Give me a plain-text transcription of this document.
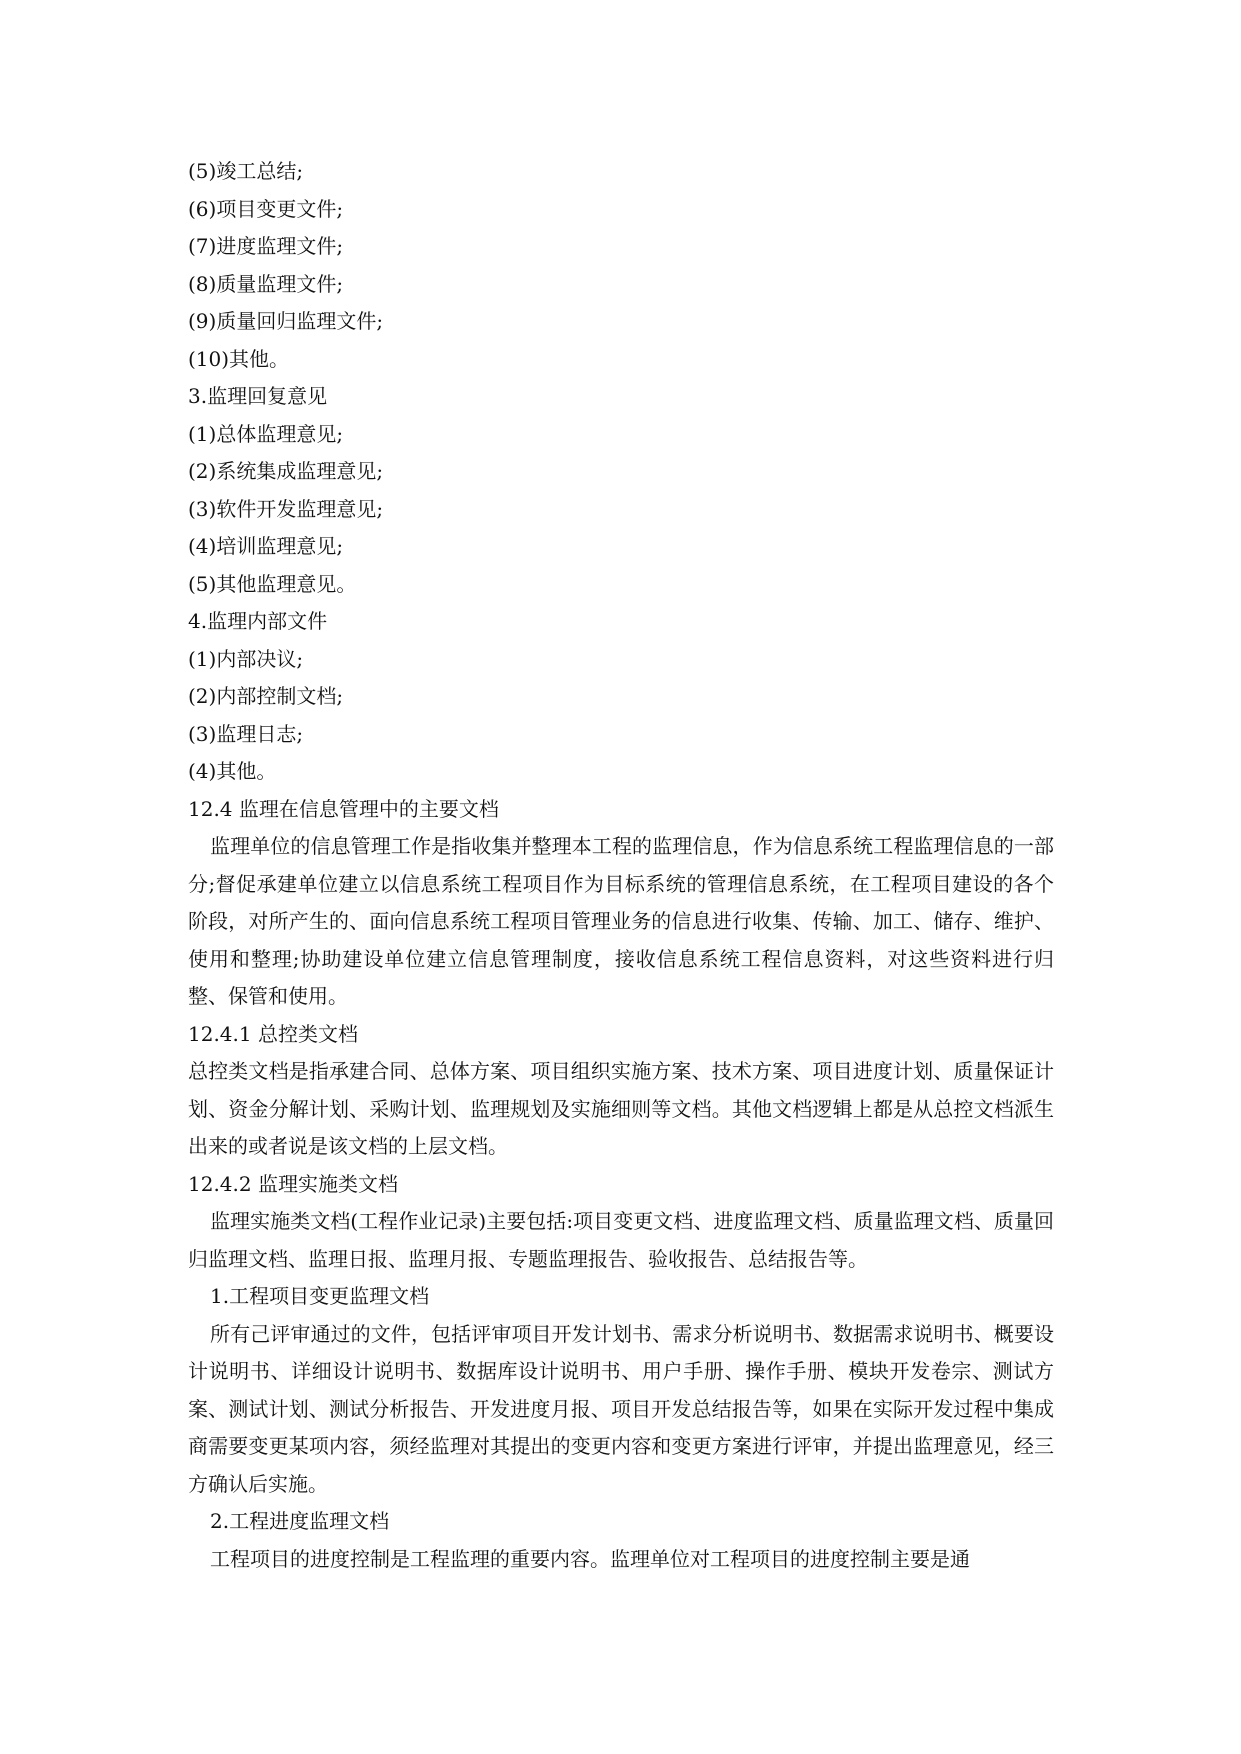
(5)竣工总结;
(6)项目变更文件;
(7)进度监理文件;
(8)质量监理文件;
(9)质量回归监理文件;
(10)其他。
3.监理回复意见
(1)总体监理意见;
(2)系统集成监理意见;
(3)软件开发监理意见;
(4)培训监理意见;
(5)其他监理意见。
4.监理内部文件
(1)内部决议;
(2)内部控制文档;
(3)监理日志;
(4)其他。
12.4 监理在信息管理中的主要文档
监理单位的信息管理工作是指收集并整理本工程的监理信息，作为信息系统工程监理信息的一部分;督促承建单位建立以信息系统工程项目作为目标系统的管理信息系统，在工程项目建设的各个阶段，对所产生的、面向信息系统工程项目管理业务的信息进行收集、传输、加工、储存、维护、使用和整理;协助建设单位建立信息管理制度，接收信息系统工程信息资料，对这些资料进行归整、保管和使用。
12.4.1 总控类文档
总控类文档是指承建合同、总体方案、项目组织实施方案、技术方案、项目进度计划、质量保证计划、资金分解计划、采购计划、监理规划及实施细则等文档。其他文档逻辑上都是从总控文档派生出来的或者说是该文档的上层文档。
12.4.2 监理实施类文档
监理实施类文档(工程作业记录)主要包括:项目变更文档、进度监理文档、质量监理文档、质量回归监理文档、监理日报、监理月报、专题监理报告、验收报告、总结报告等。
1.工程项目变更监理文档
所有己评审通过的文件，包括评审项目开发计划书、需求分析说明书、数据需求说明书、概要设计说明书、详细设计说明书、数据库设计说明书、用户手册、操作手册、模块开发卷宗、测试方案、测试计划、测试分析报告、开发进度月报、项目开发总结报告等，如果在实际开发过程中集成商需要变更某项内容，须经监理对其提出的变更内容和变更方案进行评审，并提出监理意见，经三方确认后实施。
2.工程进度监理文档
工程项目的进度控制是工程监理的重要内容。监理单位对工程项目的进度控制主要是通
